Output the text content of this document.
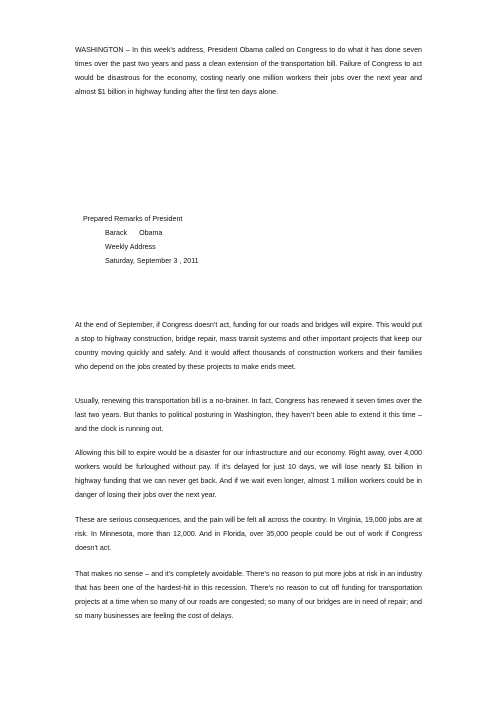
WASHINGTON – In this week’s address, President Obama called on Congress to do what it has done seven times over the past two years and pass a clean extension of the transportation bill. Failure of Congress to act would be disastrous for the economy, costing nearly one million workers their jobs over the next year and almost $1 billion in highway funding after the first ten days alone.

Prepared Remarks of President
Barack Obama
Weekly Address
Saturday, September 3 , 2011

At the end of September, if Congress doesn’t act, funding for our roads and bridges will expire. This would put a stop to highway construction, bridge repair, mass transit systems and other important projects that keep our country moving quickly and safely. And it would affect thousands of construction workers and their families who depend on the jobs created by these projects to make ends meet.

Usually, renewing this transportation bill is a no-brainer. In fact, Congress has renewed it seven times over the last two years. But thanks to political posturing in Washington, they haven’t been able to extend it this time – and the clock is running out.

Allowing this bill to expire would be a disaster for our infrastructure and our economy. Right away, over 4,000 workers would be furloughed without pay. If it’s delayed for just 10 days, we will lose nearly $1 billion in highway funding that we can never get back. And if we wait even longer, almost 1 million workers could be in danger of losing their jobs over the next year.

These are serious consequences, and the pain will be felt all across the country. In Virginia, 19,000 jobs are at risk. In Minnesota, more than 12,000. And in Florida, over 35,000 people could be out of work if Congress doesn’t act.

That makes no sense – and it’s completely avoidable. There’s no reason to put more jobs at risk in an industry that has been one of the hardest-hit in this recession. There’s no reason to cut off funding for transportation projects at a time when so many of our roads are congested; so many of our bridges are in need of repair; and so many businesses are feeling the cost of delays.
